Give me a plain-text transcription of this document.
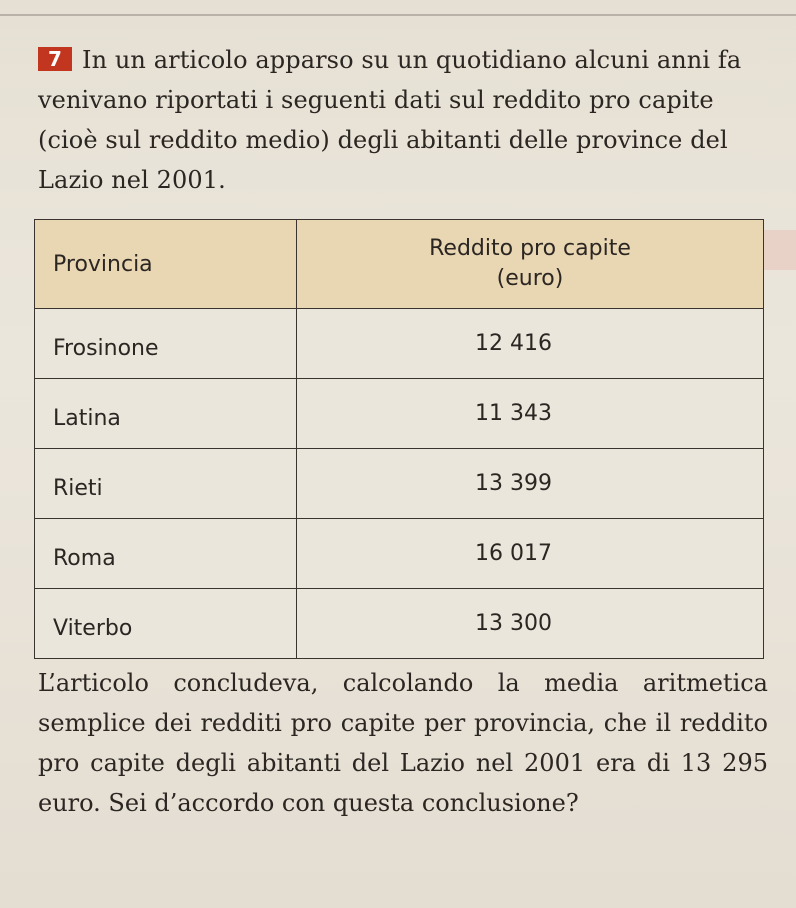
7 In un articolo apparso su un quotidiano alcuni anni fa venivano riportati i seguenti dati sul reddito pro capite (cioè sul reddito medio) degli abitanti delle province del Lazio nel 2001.
Provincia	Reddito pro capite
(euro)
Frosinone	12 416
Latina	11 343
Rieti	13 399
Roma	16 017
Viterbo	13 300
L’articolo concludeva, calcolando la media aritmetica semplice dei redditi pro capite per provincia, che il reddito pro capite degli abitanti del Lazio nel 2001 era di 13 295 euro. Sei d’accordo con questa conclusione?
